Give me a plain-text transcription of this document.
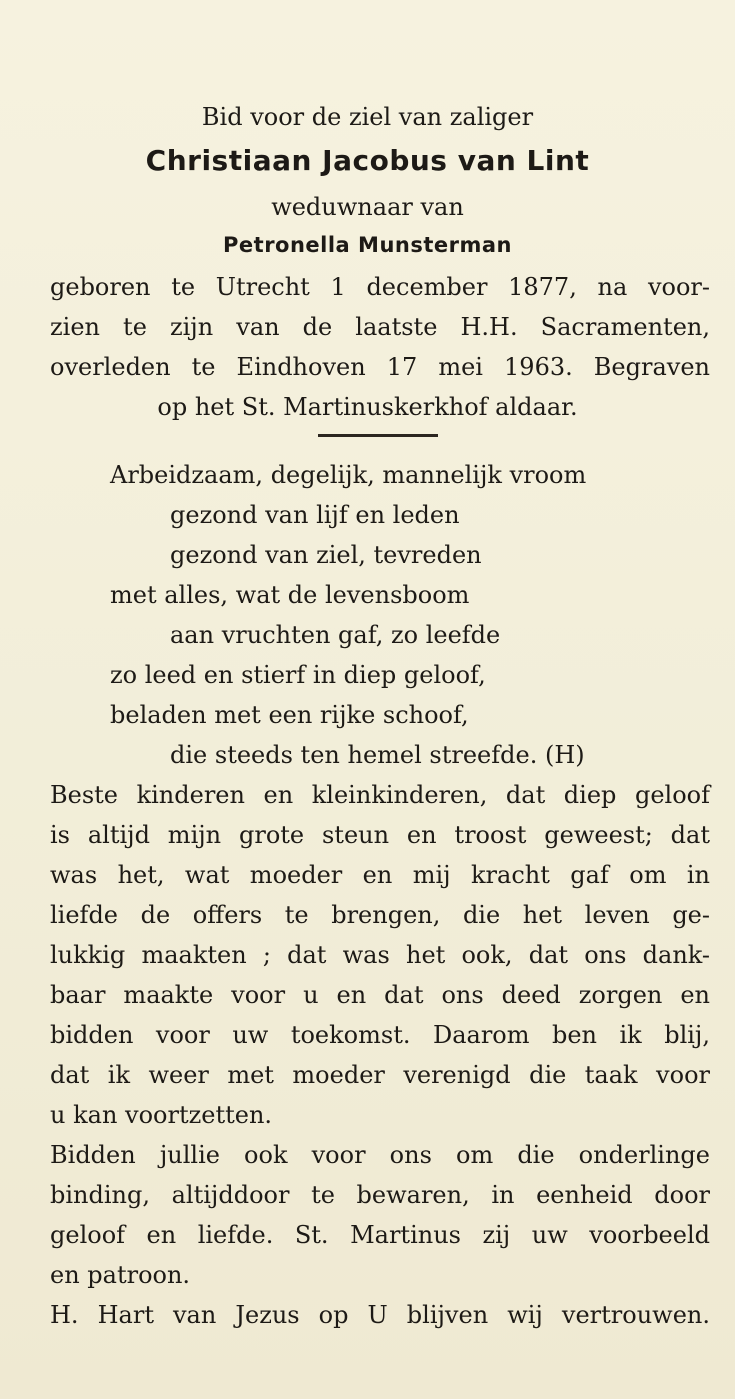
Bid voor de ziel van zaliger
Christiaan Jacobus van Lint
weduwnaar van
Petronella Munsterman
geboren te Utrecht 1 december 1877, na voor-
zien te zijn van de laatste H.H. Sacramenten,
overleden te Eindhoven 17 mei 1963. Begraven
op het St. Martinuskerkhof aldaar.
Arbeidzaam, degelijk, mannelijk vroom
gezond van lijf en leden
gezond van ziel, tevreden
met alles, wat de levensboom
aan vruchten gaf, zo leefde
zo leed en stierf in diep geloof,
beladen met een rijke schoof,
die steeds ten hemel streefde. (H)
Beste kinderen en kleinkinderen, dat diep geloof
is altijd mijn grote steun en troost geweest; dat
was het, wat moeder en mij kracht gaf om in
liefde de offers te brengen, die het leven ge-
lukkig maakten ; dat was het ook, dat ons dank-
baar maakte voor u en dat ons deed zorgen en
bidden voor uw toekomst. Daarom ben ik blij,
dat ik weer met moeder verenigd die taak voor
u kan voortzetten.
Bidden jullie ook voor ons om die onderlinge
binding, altijddoor te bewaren, in eenheid door
geloof en liefde. St. Martinus zij uw voorbeeld
en patroon.
H. Hart van Jezus op U blijven wij vertrouwen.
